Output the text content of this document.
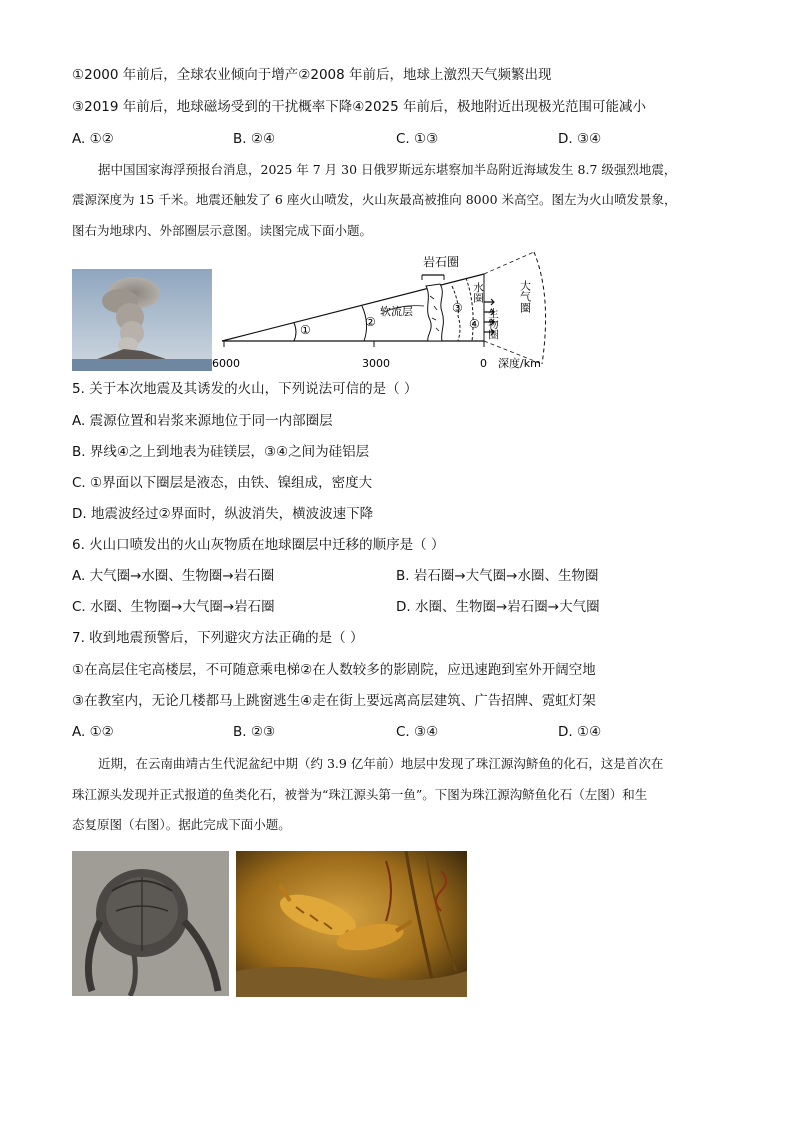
①2000 年前后，全球农业倾向于增产②2008 年前后，地球上激烈天气频繁出现
③2019 年前后，地球磁场受到的干扰概率下降④2025 年前后，极地附近出现极光范围可能减小
A. ①②	B. ②④	C. ①③	D. ③④
据中国国家海浮预报台消息，2025 年 7 月 30 日俄罗斯远东堪察加半岛附近海域发生 8.7 级强烈地震，
震源深度为 15 千米。地震还触发了 6 座火山喷发，火山灰最高被推向 8000 米高空。图左为火山喷发景象，
图右为地球内、外部圈层示意图。读图完成下面小题。
岩石圈
软流层
①
②
③
④
水圈
生物圈
大气圈
6000	3000	0 深度/km
5. 关于本次地震及其诱发的火山，下列说法可信的是（ ）
A. 震源位置和岩浆来源地位于同一内部圈层
B. 界线④之上到地表为硅镁层，③④之间为硅铝层
C. ①界面以下圈层是液态，由铁、镍组成，密度大
D. 地震波经过②界面时，纵波消失，横波波速下降
6. 火山口喷发出的火山灰物质在地球圈层中迁移的顺序是（ ）
A. 大气圈→水圈、生物圈→岩石圈	B. 岩石圈→大气圈→水圈、生物圈
C. 水圈、生物圈→大气圈→岩石圈	D. 水圈、生物圈→岩石圈→大气圈
7. 收到地震预警后，下列避灾方法正确的是（ ）
①在高层住宅高楼层，不可随意乘电梯②在人数较多的影剧院，应迅速跑到室外开阔空地
③在教室内，无论几楼都马上跳窗逃生④走在街上要远离高层建筑、广告招牌、霓虹灯架
A. ①②	B. ②③	C. ③④	D. ①④
近期，在云南曲靖古生代泥盆纪中期（约 3.9 亿年前）地层中发现了珠江源沟鲚鱼的化石，这是首次在
珠江源头发现并正式报道的鱼类化石，被誉为“珠江源头第一鱼”。下图为珠江源沟鲚鱼化石（左图）和生
态复原图（右图）。据此完成下面小题。
